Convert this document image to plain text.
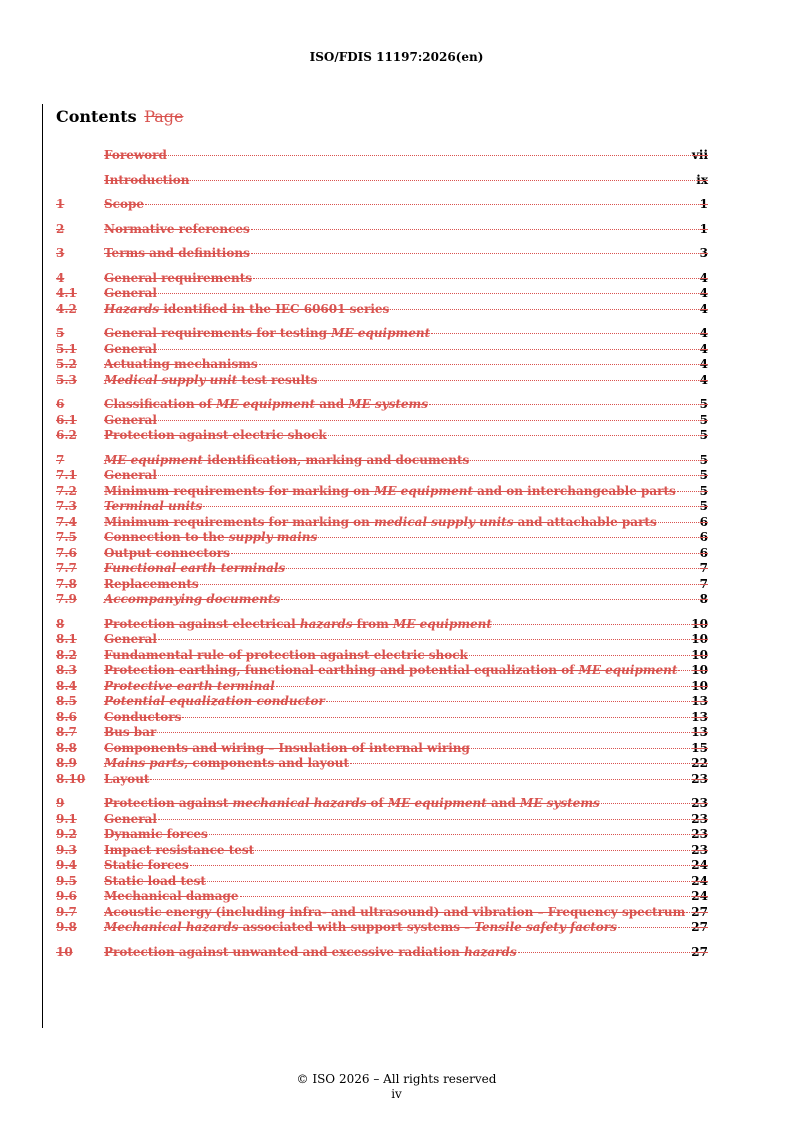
ISO/FDIS 11197:2026(en)
Contents Page
Foreword	vii
Introduction	ix
1	Scope	1
2	Normative references	1
3	Terms and definitions	3
4	General requirements	4
4.1	General	4
4.2	Hazards identified in the IEC 60601 series	4
5	General requirements for testing ME equipment	4
5.1	General	4
5.2	Actuating mechanisms	4
5.3	Medical supply unit test results	4
6	Classification of ME equipment and ME systems	5
6.1	General	5
6.2	Protection against electric shock	5
7	ME equipment identification, marking and documents	5
7.1	General	5
7.2	Minimum requirements for marking on ME equipment and on interchangeable parts 5
7.3	Terminal units	5
7.4	Minimum requirements for marking on medical supply units and attachable parts	6
7.5	Connection to the supply mains	6
7.6	Output connectors	6
7.7	Functional earth terminals	7
7.8	Replacements	7
7.9	Accompanying documents	8
8	Protection against electrical hazards from ME equipment	10
8.1	General	10
8.2	Fundamental rule of protection against electric shock	10
8.3	Protection earthing, functional earthing and potential equalization of ME equipment 10
8.4	Protective earth terminal	10
8.5	Potential equalization conductor	13
8.6	Conductors	13
8.7	Bus bar	13
8.8	Components and wiring – Insulation of internal wiring	15
8.9	Mains parts, components and layout	22
8.10	Layout	23
9	Protection against mechanical hazards of ME equipment and ME systems	23
9.1	General	23
9.2	Dynamic forces	23
9.3	Impact resistance test	23
9.4	Static forces	24
9.5	Static load test	24
9.6	Mechanical damage	24
9.7	Acoustic energy (including infra- and ultrasound) and vibration – Frequency spectrum 27
9.8	Mechanical hazards associated with support systems – Tensile safety factors	27
10	Protection against unwanted and excessive radiation hazards	27
© ISO 2026 – All rights reserved
iv
